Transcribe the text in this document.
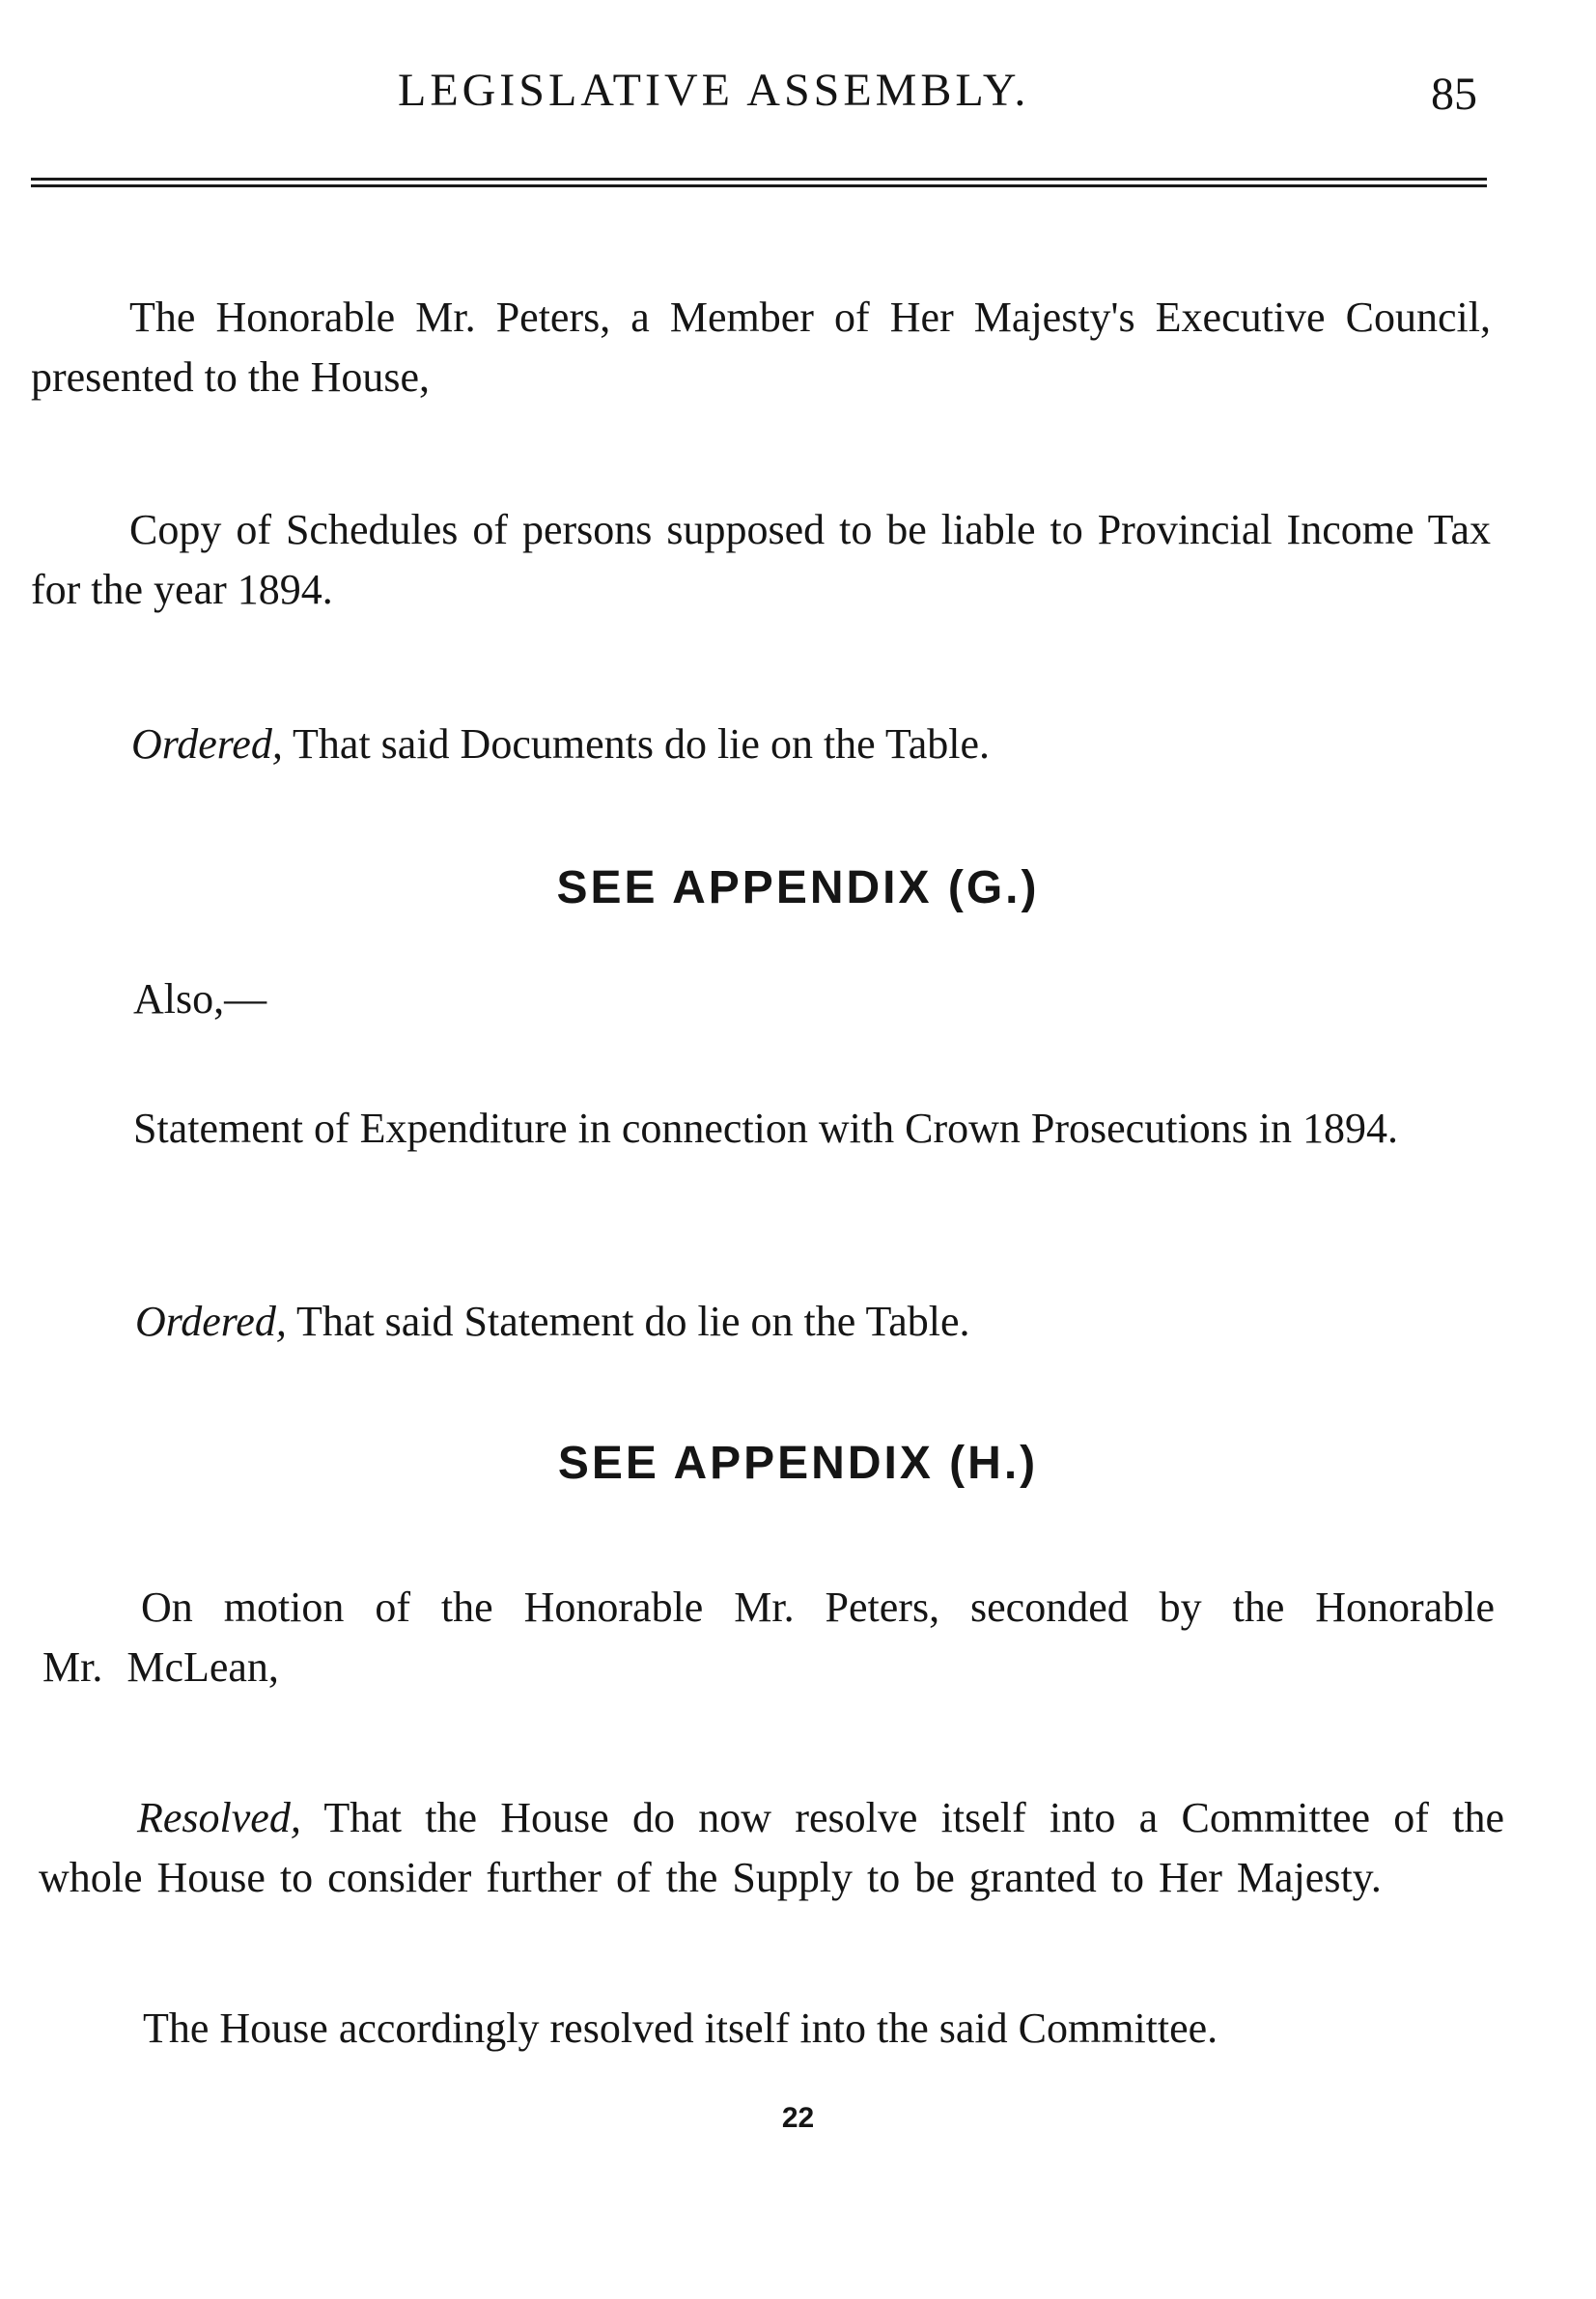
LEGISLATIVE ASSEMBLY.	85

The Honorable Mr. Peters, a Member of Her Majesty's Executive Council, presented to the House,

Copy of Schedules of persons supposed to be liable to Provincial Income Tax for the year 1894.

Ordered, That said Documents do lie on the Table.

SEE APPENDIX (G.)

Also,—

Statement of Expenditure in connection with Crown Prosecutions in 1894.

Ordered, That said Statement do lie on the Table.

SEE APPENDIX (H.)

On motion of the Honorable Mr. Peters, seconded by the Honorable Mr. McLean,

Resolved, That the House do now resolve itself into a Committee of the whole House to consider further of the Supply to be granted to Her Majesty.

The House accordingly resolved itself into the said Committee.

22
